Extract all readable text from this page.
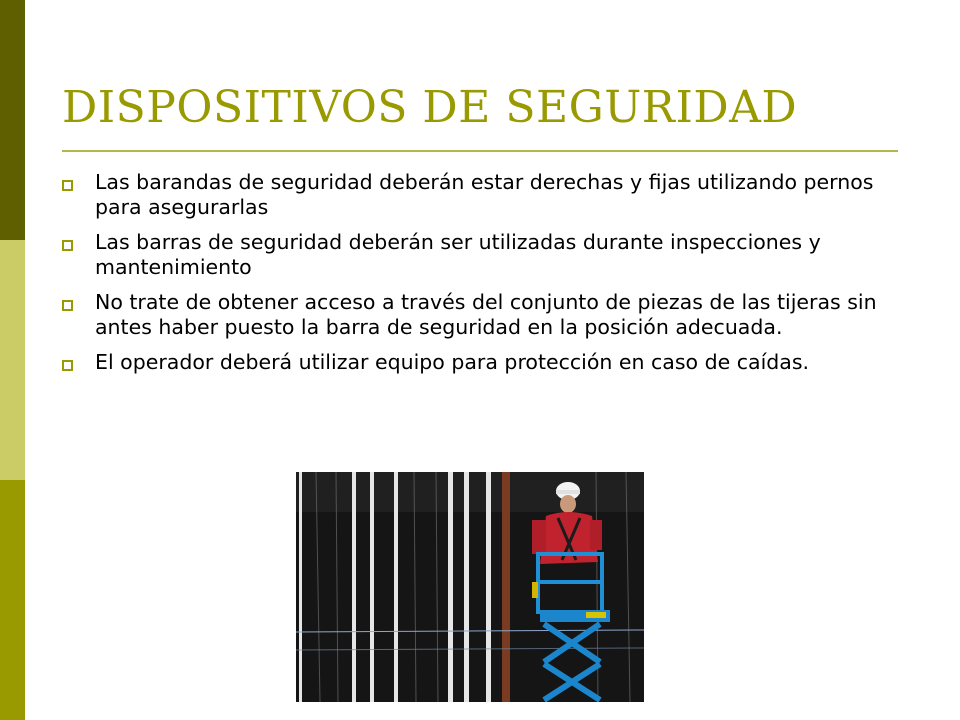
DISPOSITIVOS DE SEGURIDAD
Las barandas de seguridad deberán estar derechas y fijas utilizando pernos para asegurarlas
Las barras de seguridad deberán ser utilizadas durante inspecciones y mantenimiento
No trate de obtener acceso a través del conjunto de piezas de las tijeras sin antes haber puesto la barra de seguridad en la posición adecuada.
El operador deberá utilizar equipo para protección en caso de caídas.
